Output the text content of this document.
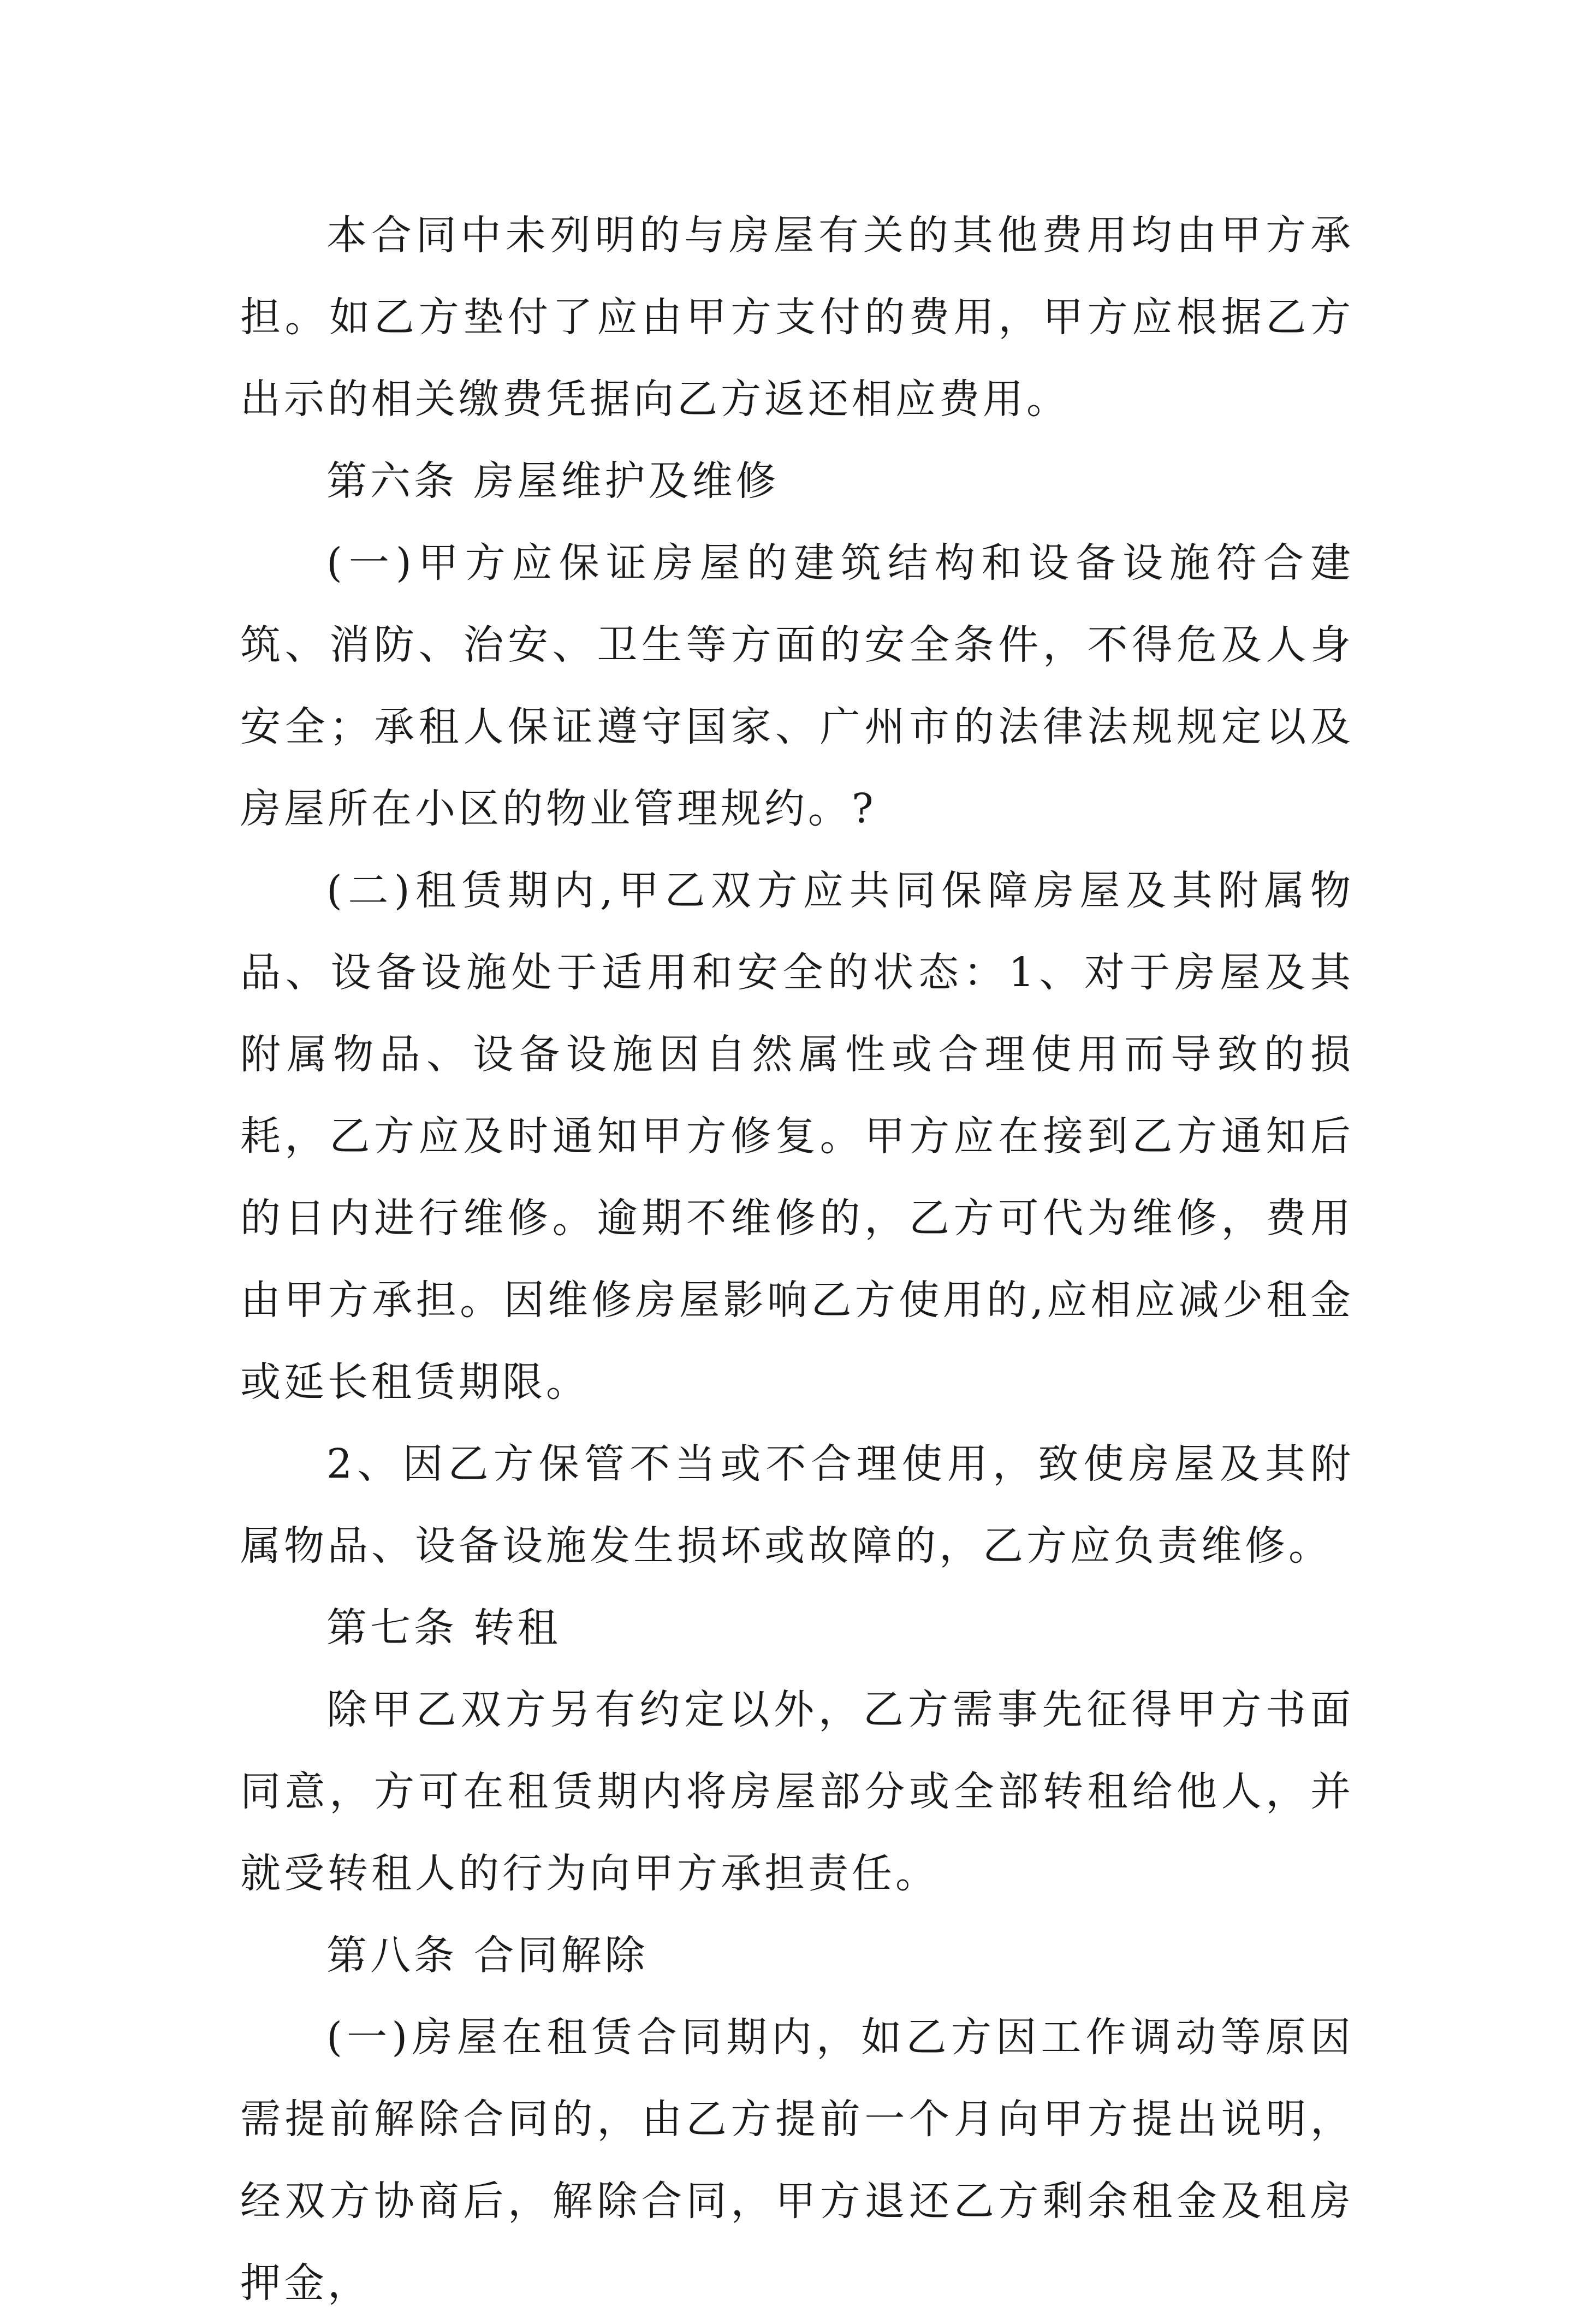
本合同中未列明的与房屋有关的其他费用均由甲方承担。如乙方垫付了应由甲方支付的费用，甲方应根据乙方出示的相关缴费凭据向乙方返还相应费用。

第六条 房屋维护及维修

(一)甲方应保证房屋的建筑结构和设备设施符合建筑、消防、治安、卫生等方面的安全条件，不得危及人身安全；承租人保证遵守国家、广州市的法律法规规定以及房屋所在小区的物业管理规约。?

(二)租赁期内,甲乙双方应共同保障房屋及其附属物品、设备设施处于适用和安全的状态：1、对于房屋及其附属物品、设备设施因自然属性或合理使用而导致的损耗，乙方应及时通知甲方修复。甲方应在接到乙方通知后的日内进行维修。逾期不维修的，乙方可代为维修，费用由甲方承担。因维修房屋影响乙方使用的,应相应减少租金或延长租赁期限。

2、因乙方保管不当或不合理使用，致使房屋及其附属物品、设备设施发生损坏或故障的，乙方应负责维修。

第七条 转租

除甲乙双方另有约定以外，乙方需事先征得甲方书面同意，方可在租赁期内将房屋部分或全部转租给他人，并就受转租人的行为向甲方承担责任。

第八条 合同解除

(一)房屋在租赁合同期内，如乙方因工作调动等原因需提前解除合同的，由乙方提前一个月向甲方提出说明，经双方协商后，解除合同，甲方退还乙方剩余租金及租房押金，
